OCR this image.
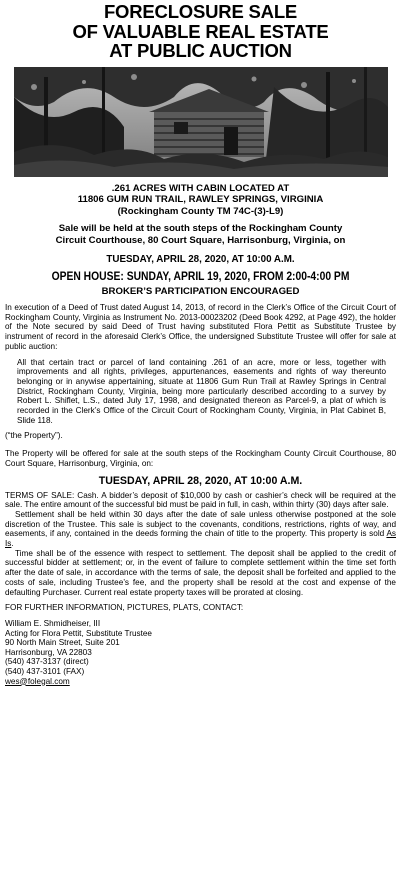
FORECLOSURE SALE
OF VALUABLE REAL ESTATE
AT PUBLIC AUCTION
.261 ACRES WITH CABIN LOCATED AT
11806 GUM RUN TRAIL, RAWLEY SPRINGS, VIRGINIA
(Rockingham County TM 74C-(3)-L9)
Sale will be held at the south steps of the Rockingham County
Circuit Courthouse, 80 Court Square, Harrisonburg, Virginia, on
TUESDAY, APRIL 28, 2020, AT 10:00 A.M.
OPEN HOUSE: SUNDAY, APRIL 19, 2020, FROM 2:00-4:00 PM
BROKER’S PARTICIPATION ENCOURAGED
In execution of a Deed of Trust dated August 14, 2013, of record in the Clerk’s Office of the Circuit Court of Rockingham County, Virginia as Instrument No. 2013-00023202 (Deed Book 4292, at Page 492), the holder of the Note secured by said Deed of Trust having substituted Flora Pettit as Substitute Trustee by instrument of record in the aforesaid Clerk’s Office, the undersigned Substitute Trustee will offer for sale at public auction:
All that certain tract or parcel of land containing .261 of an acre, more or less, together with improvements and all rights, privileges, appurtenances, easements and rights of way thereunto belonging or in anywise appertaining, situate at 11806 Gum Run Trail at Rawley Springs in Central District, Rockingham County, Virginia, being more particularly described according to a survey by Robert L. Shiflet, L.S., dated July 17, 1998, and designated thereon as Parcel-9, a plat of which is recorded in the Clerk’s Office of the Circuit Court of Rockingham County, Virginia, in Plat Cabinet B, Slide 118.
(“the Property”).
The Property will be offered for sale at the south steps of the Rockingham County Circuit Courthouse, 80 Court Square, Harrisonburg, Virginia, on:
TUESDAY, APRIL 28, 2020, AT 10:00 A.M.
TERMS OF SALE: Cash. A bidder’s deposit of $10,000 by cash or cashier’s check will be required at the sale. The entire amount of the successful bid must be paid in full, in cash, within thirty (30) days after sale.
Settlement shall be held within 30 days after the date of sale unless otherwise postponed at the sole discretion of the Trustee. This sale is subject to the covenants, conditions, restrictions, rights of way, and easements, if any, contained in the deeds forming the chain of title to the property. This property is sold As Is.
Time shall be of the essence with respect to settlement. The deposit shall be applied to the credit of successful bidder at settlement; or, in the event of failure to complete settlement within the time set forth after the date of sale, in accordance with the terms of sale, the deposit shall be forfeited and applied to the costs of sale, including Trustee’s fee, and the property shall be resold at the cost and expense of the defaulting Purchaser. Current real estate property taxes will be prorated at closing.
FOR FURTHER INFORMATION, PICTURES, PLATS, CONTACT:
William E. Shmidheiser, III
Acting for Flora Pettit, Substitute Trustee
90 North Main Street, Suite 201
Harrisonburg, VA 22803
(540) 437-3137 (direct)
(540) 437-3101 (FAX)
wes@folegal.com
